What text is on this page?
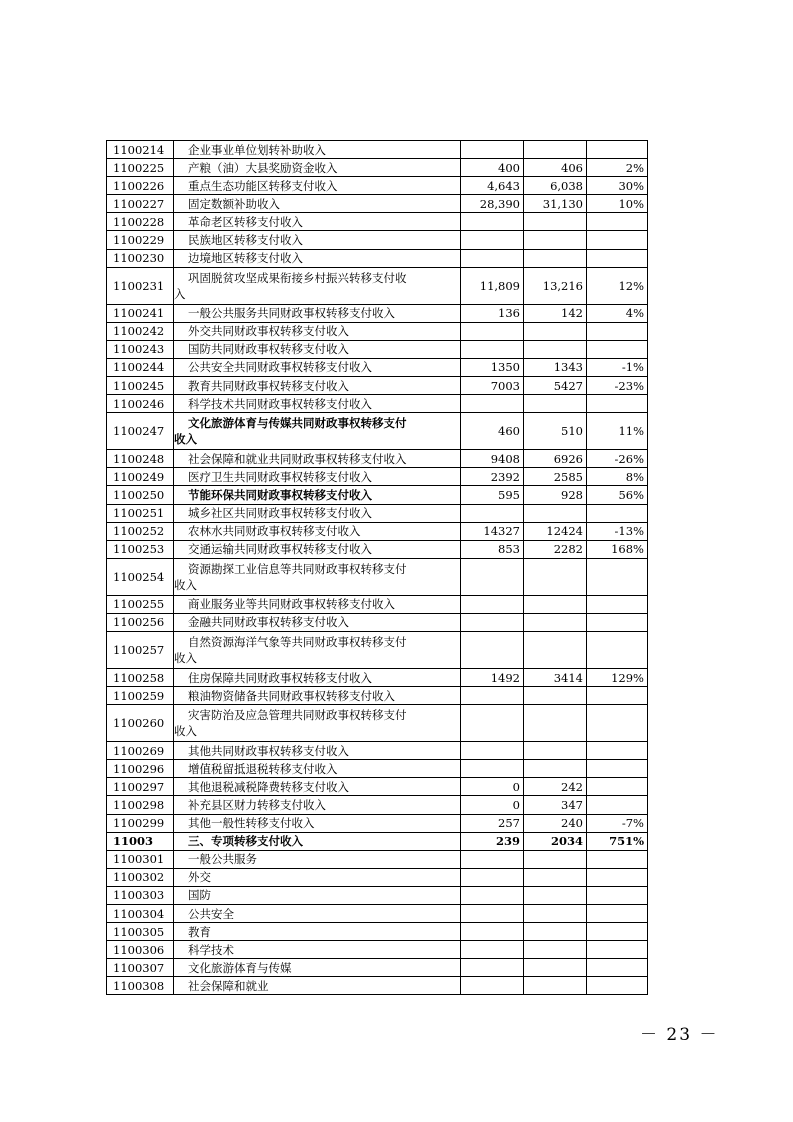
1100214	企业事业单位划转补助收入			
1100225	产粮（油）大县奖励资金收入	400	406	2%
1100226	重点生态功能区转移支付收入	4,643	6,038	30%
1100227	固定数额补助收入	28,390	31,130	10%
1100228	革命老区转移支付收入			
1100229	民族地区转移支付收入			
1100230	边境地区转移支付收入			
1100231	巩固脱贫攻坚成果衔接乡村振兴转移支付收
入	11,809	13,216	12%
1100241	一般公共服务共同财政事权转移支付收入	136	142	4%
1100242	外交共同财政事权转移支付收入			
1100243	国防共同财政事权转移支付收入			
1100244	公共安全共同财政事权转移支付收入	1350	1343	-1%
1100245	教育共同财政事权转移支付收入	7003	5427	-23%
1100246	科学技术共同财政事权转移支付收入			
1100247	文化旅游体育与传媒共同财政事权转移支付
收入	460	510	11%
1100248	社会保障和就业共同财政事权转移支付收入	9408	6926	-26%
1100249	医疗卫生共同财政事权转移支付收入	2392	2585	8%
1100250	节能环保共同财政事权转移支付收入	595	928	56%
1100251	城乡社区共同财政事权转移支付收入			
1100252	农林水共同财政事权转移支付收入	14327	12424	-13%
1100253	交通运输共同财政事权转移支付收入	853	2282	168%
1100254	资源勘探工业信息等共同财政事权转移支付
收入			

1100255	商业服务业等共同财政事权转移支付收入			
1100256	金融共同财政事权转移支付收入			
1100257	自然资源海洋气象等共同财政事权转移支付
收入			

1100258	住房保障共同财政事权转移支付收入	1492	3414	129%
1100259	粮油物资储备共同财政事权转移支付收入			
1100260	灾害防治及应急管理共同财政事权转移支付
收入			

1100269	其他共同财政事权转移支付收入			
1100296	增值税留抵退税转移支付收入			
1100297	其他退税减税降费转移支付收入	0	242	
1100298	补充县区财力转移支付收入	0	347	
1100299	其他一般性转移支付收入	257	240	-7%
11003	三、专项转移支付收入	239	2034	751%
1100301	一般公共服务			
1100302	外交			
1100303	国防			
1100304	公共安全			
1100305	教育			
1100306	科学技术			
1100307	文化旅游体育与传媒			
1100308	社会保障和就业			
－ 23 －
